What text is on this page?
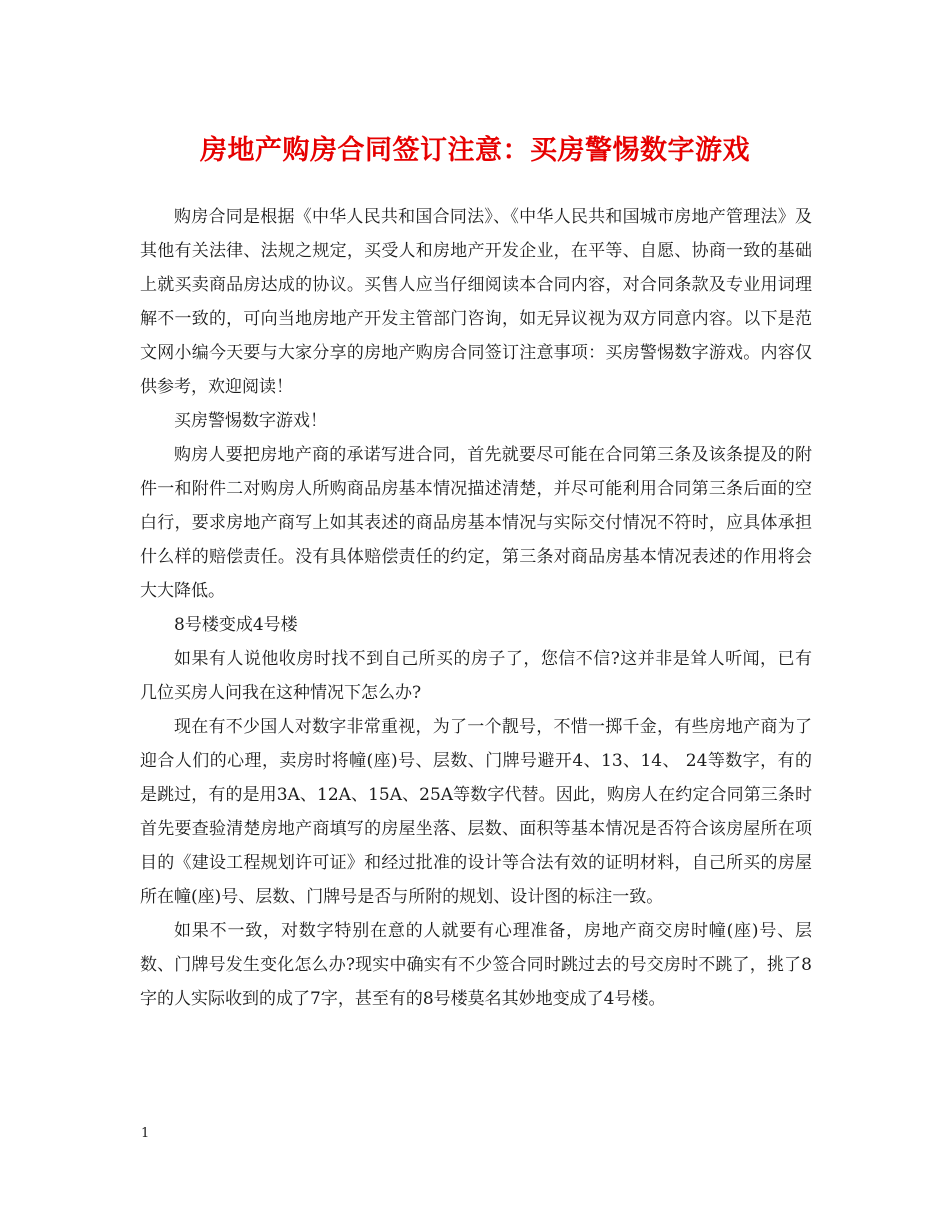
房地产购房合同签订注意：买房警惕数字游戏

购房合同是根据《中华人民共和国合同法》、《中华人民共和国城市房地产管理法》及其他有关法律、法规之规定，买受人和房地产开发企业，在平等、自愿、协商一致的基础上就买卖商品房达成的协议。买售人应当仔细阅读本合同内容，对合同条款及专业用词理解不一致的，可向当地房地产开发主管部门咨询，如无异议视为双方同意内容。以下是范文网小编今天要与大家分享的房地产购房合同签订注意事项：买房警惕数字游戏。内容仅供参考，欢迎阅读！

买房警惕数字游戏！

购房人要把房地产商的承诺写进合同，首先就要尽可能在合同第三条及该条提及的附件一和附件二对购房人所购商品房基本情况描述清楚，并尽可能利用合同第三条后面的空白行，要求房地产商写上如其表述的商品房基本情况与实际交付情况不符时，应具体承担什么样的赔偿责任。没有具体赔偿责任的约定，第三条对商品房基本情况表述的作用将会大大降低。

8号楼变成4号楼

如果有人说他收房时找不到自己所买的房子了，您信不信?这并非是耸人听闻，已有几位买房人问我在这种情况下怎么办?

现在有不少国人对数字非常重视，为了一个靓号，不惜一掷千金，有些房地产商为了迎合人们的心理，卖房时将幢(座)号、层数、门牌号避开4、13、14、 24等数字，有的是跳过，有的是用3A、12A、15A、25A等数字代替。因此，购房人在约定合同第三条时首先要查验清楚房地产商填写的房屋坐落、层数、面积等基本情况是否符合该房屋所在项目的《建设工程规划许可证》和经过批准的设计等合法有效的证明材料，自己所买的房屋所在幢(座)号、层数、门牌号是否与所附的规划、设计图的标注一致。

如果不一致，对数字特别在意的人就要有心理准备，房地产商交房时幢(座)号、层数、门牌号发生变化怎么办?现实中确实有不少签合同时跳过去的号交房时不跳了，挑了8字的人实际收到的成了7字，甚至有的8号楼莫名其妙地变成了4号楼。

1
